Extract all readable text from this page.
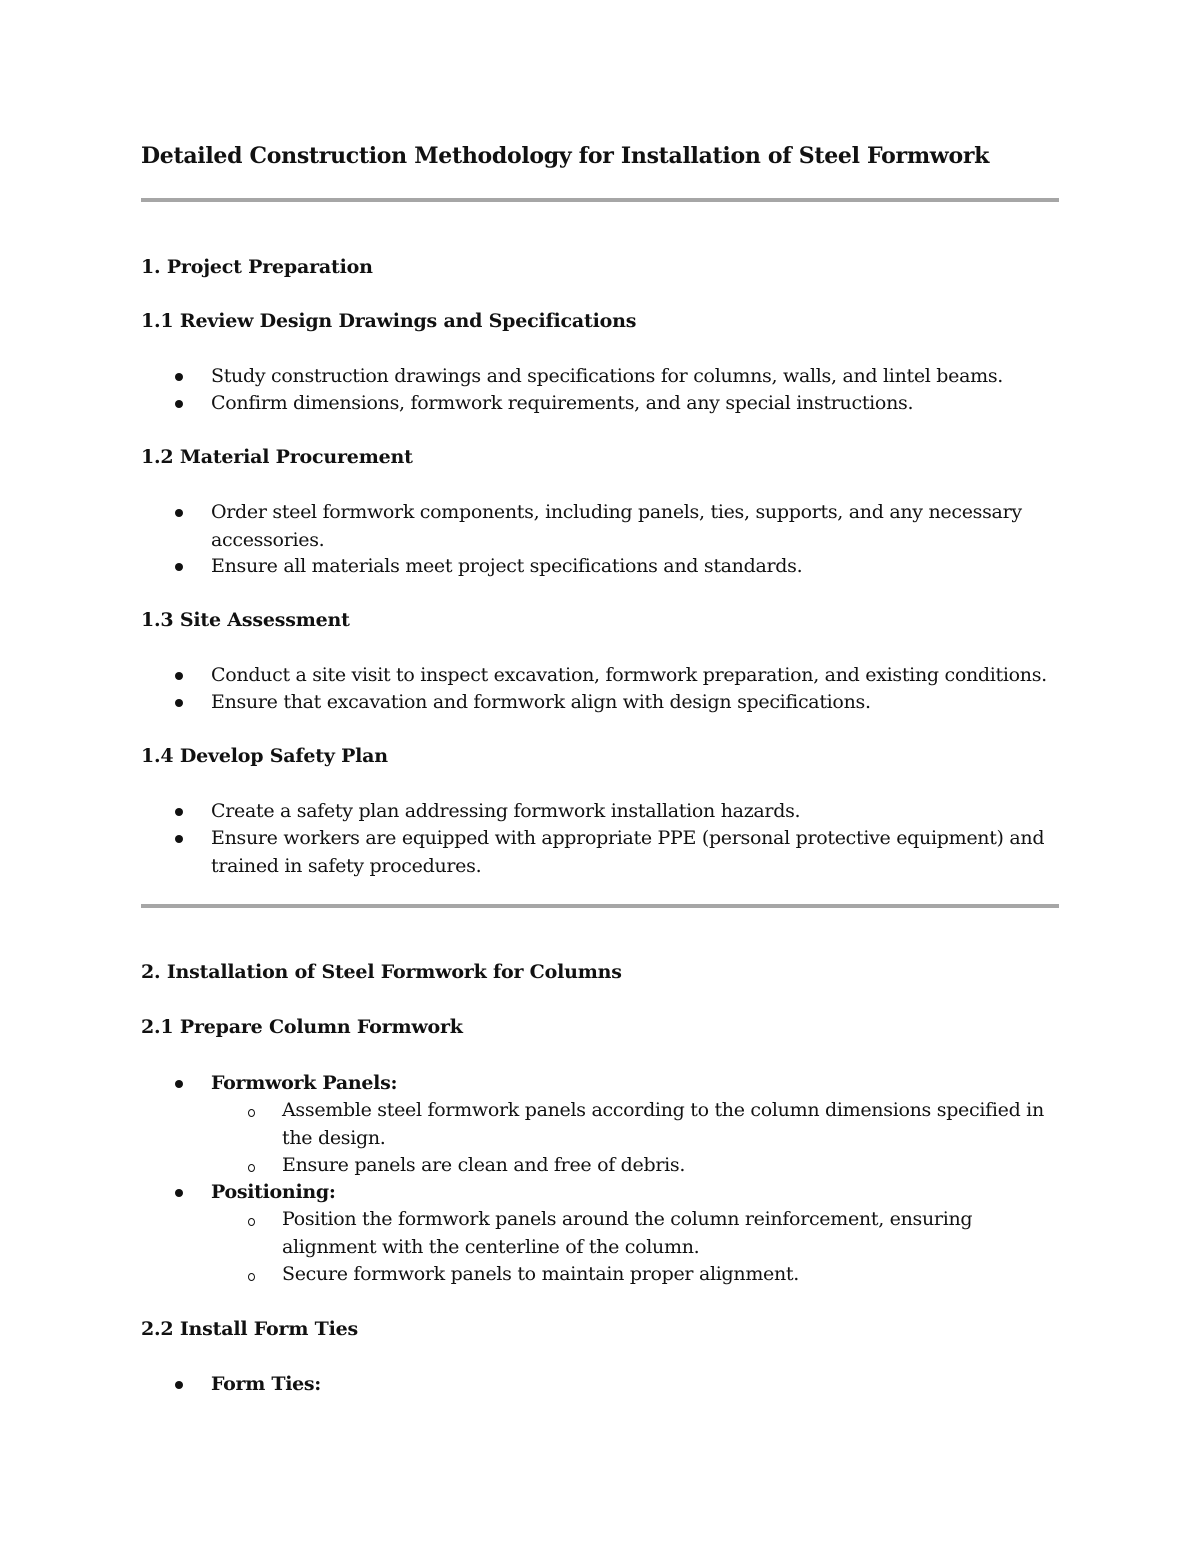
Detailed Construction Methodology for Installation of Steel Formwork
1. Project Preparation
1.1 Review Design Drawings and Specifications

Study construction drawings and specifications for columns, walls, and lintel beams.

Confirm dimensions, formwork requirements, and any special instructions.

1.2 Material Procurement

Order steel formwork components, including panels, ties, supports, and any necessary accessories.

Ensure all materials meet project specifications and standards.

1.3 Site Assessment

Conduct a site visit to inspect excavation, formwork preparation, and existing conditions.

Ensure that excavation and formwork align with design specifications.

1.4 Develop Safety Plan

Create a safety plan addressing formwork installation hazards.

Ensure workers are equipped with appropriate PPE (personal protective equipment) and trained in safety procedures.

2. Installation of Steel Formwork for Columns
2.1 Prepare Column Formwork

Formwork Panels:

Assemble steel formwork panels according to the column dimensions specified in the design.

Ensure panels are clean and free of debris.

Positioning:

Position the formwork panels around the column reinforcement, ensuring alignment with the centerline of the column.

Secure formwork panels to maintain proper alignment.

2.2 Install Form Ties

Form Ties:
